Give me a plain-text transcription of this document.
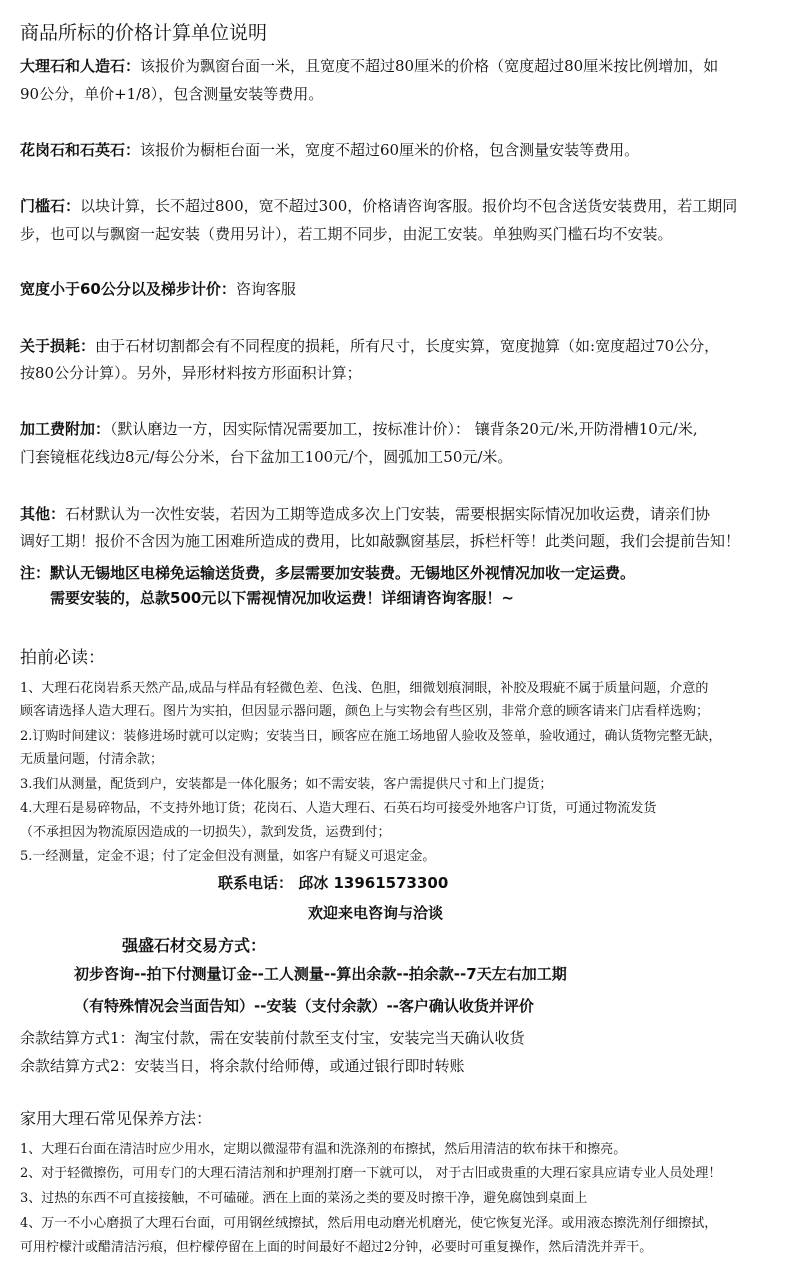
商品所标的价格计算单位说明
大理石和人造石：该报价为飘窗台面一米，且宽度不超过80厘米的价格（宽度超过80厘米按比例增加，如
90公分，单价+1/8），包含测量安装等费用。
花岗石和石英石：该报价为橱柜台面一米，宽度不超过60厘米的价格，包含测量安装等费用。
门槛石：以块计算，长不超过800，宽不超过300，价格请咨询客服。报价均不包含送货安装费用，若工期同
步，也可以与飘窗一起安装（费用另计），若工期不同步，由泥工安装。单独购买门槛石均不安装。
宽度小于60公分以及梯步计价：咨询客服
关于损耗：由于石材切割都会有不同程度的损耗，所有尺寸，长度实算，宽度抛算（如:宽度超过70公分，
按80公分计算）。另外，异形材料按方形面积计算；
加工费附加：（默认磨边一方，因实际情况需要加工，按标准计价）： 镶背条20元/米,开防滑槽10元/米,
门套镜框花线边8元/每公分米，台下盆加工100元/个，圆弧加工50元/米。
其他：石材默认为一次性安装，若因为工期等造成多次上门安装，需要根据实际情况加收运费，请亲们协
调好工期！报价不含因为施工困难所造成的费用，比如敲飘窗基层，拆栏杆等！此类问题，我们会提前告知！
注：默认无锡地区电梯免运输送货费，多层需要加安装费。无锡地区外视情况加收一定运费。
需要安装的，总款500元以下需视情况加收运费！详细请咨询客服！~
拍前必读：
1、大理石花岗岩系天然产品,成品与样品有轻微色差、色浅、色胆，细微划痕洞眼，补胶及瑕疵不属于质量问题，介意的
顾客请选择人造大理石。图片为实拍，但因显示器问题，颜色上与实物会有些区别，非常介意的顾客请来门店看样选购；
2.订购时间建议：装修进场时就可以定购；安装当日，顾客应在施工场地留人验收及签单，验收通过，确认货物完整无缺，
无质量问题，付清余款；
3.我们从测量，配货到户，安装都是一体化服务；如不需安装，客户需提供尺寸和上门提货；
4.大理石是易碎物品，不支持外地订货；花岗石、人造大理石、石英石均可接受外地客户订货，可通过物流发货
（不承担因为物流原因造成的一切损失），款到发货，运费到付；
5.一经测量，定金不退；付了定金但没有测量，如客户有疑义可退定金。
联系电话： 邱冰 13961573300
欢迎来电咨询与洽谈
强盛石材交易方式：
初步咨询--拍下付测量订金--工人测量--算出余款--拍余款--7天左右加工期
（有特殊情况会当面告知）--安装（支付余款）--客户确认收货并评价
余款结算方式1：淘宝付款，需在安装前付款至支付宝，安装完当天确认收货
余款结算方式2：安装当日，将余款付给师傅，或通过银行即时转账
家用大理石常见保养方法：
1、大理石台面在清洁时应少用水，定期以微湿带有温和洗涤剂的布擦拭，然后用清洁的软布抹干和擦亮。
2、对于轻微擦伤，可用专门的大理石清洁剂和护理剂打磨一下就可以， 对于古旧或贵重的大理石家具应请专业人员处理！
3、过热的东西不可直接接触，不可磕碰。洒在上面的菜汤之类的要及时擦干净，避免腐蚀到桌面上
4、万一不小心磨损了大理石台面，可用钢丝绒擦拭，然后用电动磨光机磨光，使它恢复光泽。或用液态擦洗剂仔细擦拭，
可用柠檬汁或醋清洁污痕，但柠檬停留在上面的时间最好不超过2分钟，必要时可重复操作，然后清洗并弄干。
